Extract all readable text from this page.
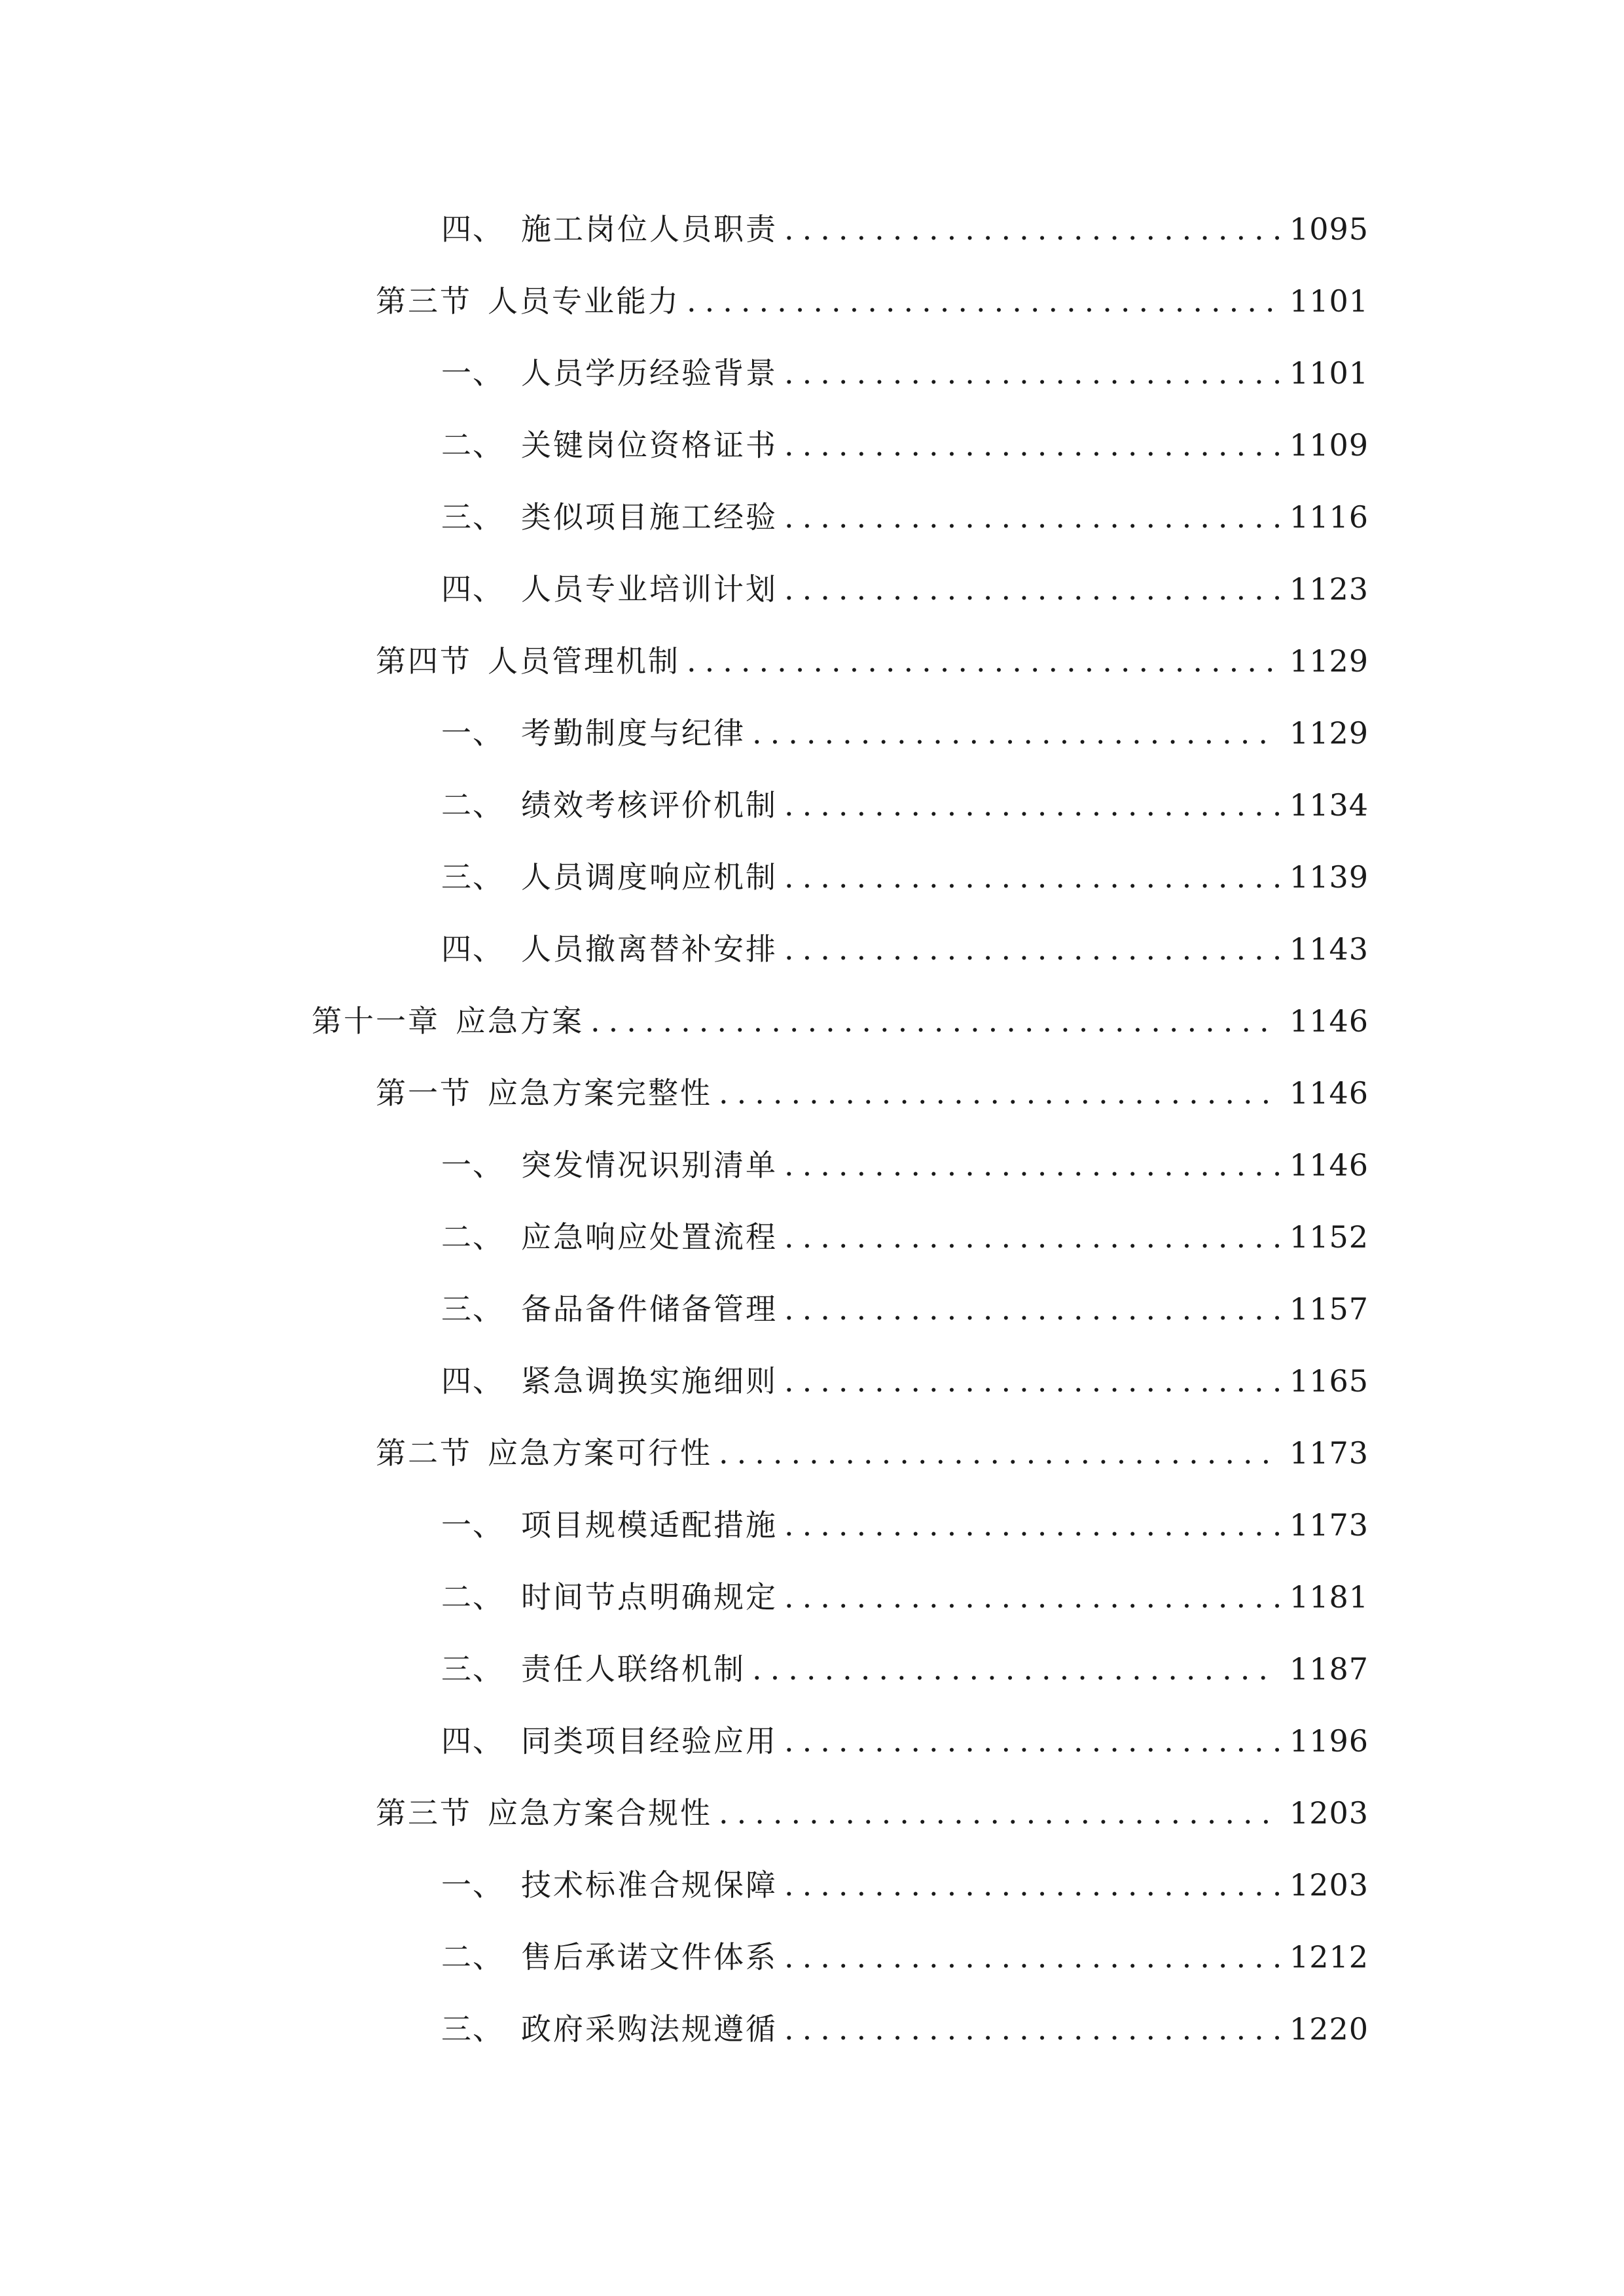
四、 施工岗位人员职责 .....	1095
第三节 人员专业能力 .....	1101
一、 人员学历经验背景 .....	1101
二、 关键岗位资格证书 .....	1109
三、 类似项目施工经验 .....	1116
四、 人员专业培训计划 .....	1123
第四节 人员管理机制 .....	1129
一、 考勤制度与纪律 .....	1129
二、 绩效考核评价机制 .....	1134
三、 人员调度响应机制 .....	1139
四、 人员撤离替补安排 .....	1143
第十一章 应急方案 .....	1146
第一节 应急方案完整性 .....	1146
一、 突发情况识别清单 .....	1146
二、 应急响应处置流程 .....	1152
三、 备品备件储备管理 .....	1157
四、 紧急调换实施细则 .....	1165
第二节 应急方案可行性 .....	1173
一、 项目规模适配措施 .....	1173
二、 时间节点明确规定 .....	1181
三、 责任人联络机制 .....	1187
四、 同类项目经验应用 .....	1196
第三节 应急方案合规性 .....	1203
一、 技术标准合规保障 .....	1203
二、 售后承诺文件体系 .....	1212
三、 政府采购法规遵循 .....	1220
